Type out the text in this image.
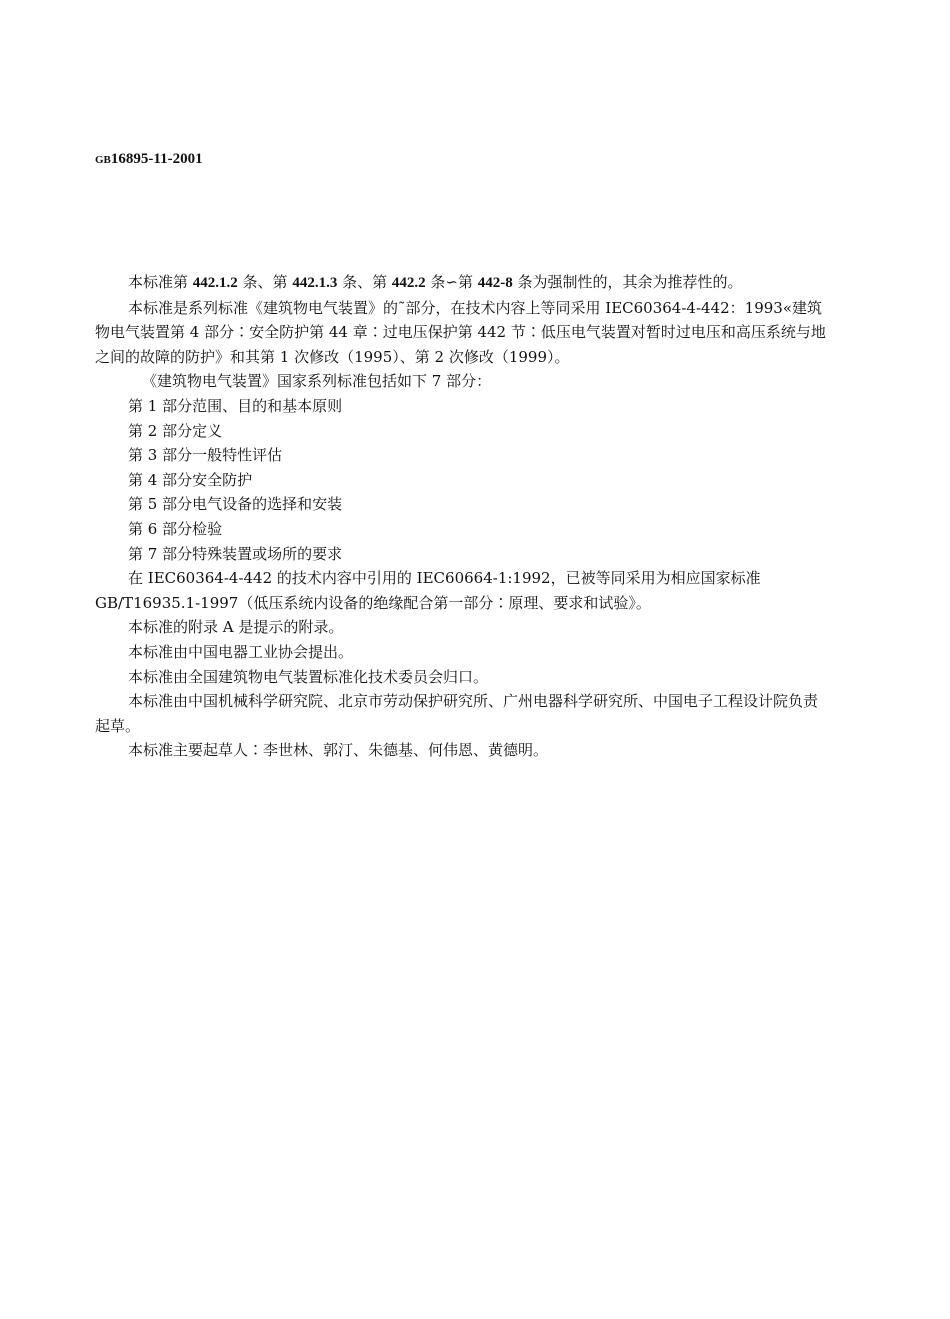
GB16895-11-2001

本标准第 442.1.2 条、第 442.1.3 条、第 442.2 条∽第 442-8 条为强制性的，其余为推荐性的。

本标准是系列标准《建筑物电气装置》的˜部分，在技术内容上等同采用 IEC60364-4-442：1993«建筑物电气装置第 4 部分∶安全防护第 44 章∶过电压保护第 442 节∶低压电气装置对暂时过电压和高压系统与地之间的故障的防护》和其第 1 次修改（1995）、第 2 次修改（1999）。

《建筑物电气装置》国家系列标准包括如下 7 部分：

第 1 部分范围、目的和基本原则

第 2 部分定义

第 3 部分一般特性评估

第 4 部分安全防护

第 5 部分电气设备的选择和安装

第 6 部分检验

第 7 部分特殊装置或场所的要求

在 IEC60364-4-442 的技术内容中引用的 IEC60664-1:1992，已被等同采用为相应国家标准 GB/T16935.1-1997（低压系统内设备的绝缘配合第一部分∶原理、要求和试验》。

本标准的附录 A 是提示的附录。

本标准由中国电器工业协会提出。

本标准由全国建筑物电气装置标准化技术委员会归口。

本标准由中国机械科学研究院、北京市劳动保护研究所、广州电器科学研究所、中国电子工程设计院负责起草。

本标准主要起草人∶李世林、郭汀、朱德基、何伟恩、黄德明。
